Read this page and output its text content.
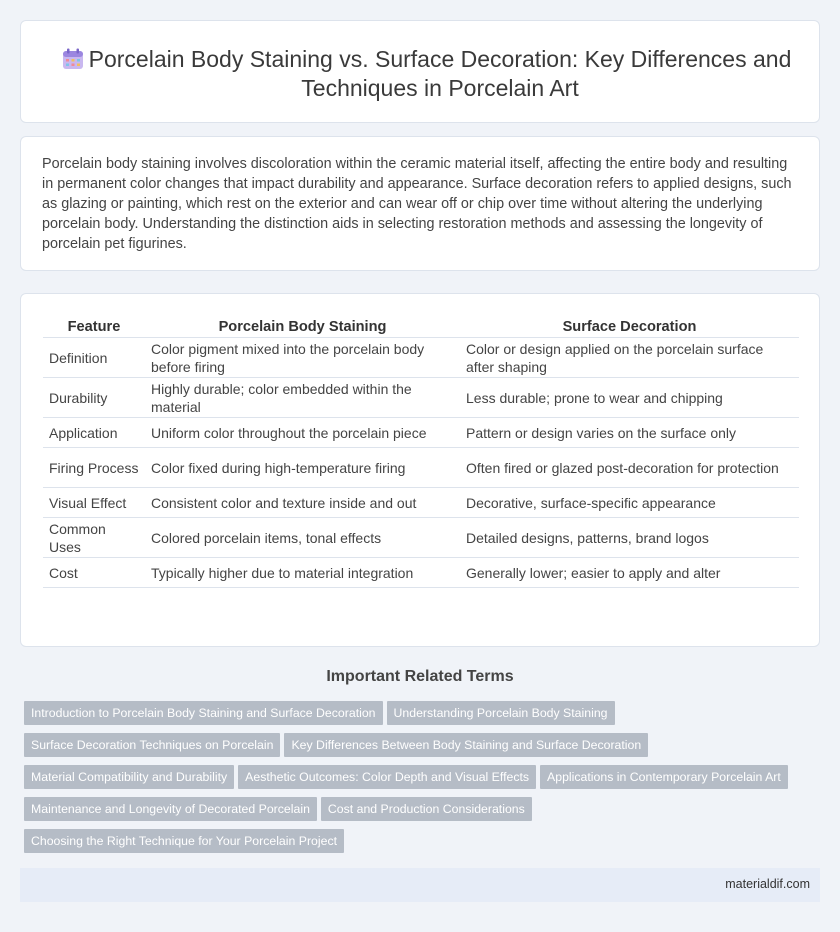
Porcelain Body Staining vs. Surface Decoration: Key Differences and Techniques in Porcelain Art

Porcelain body staining involves discoloration within the ceramic material itself, affecting the entire body and resulting in permanent color changes that impact durability and appearance. Surface decoration refers to applied designs, such as glazing or painting, which rest on the exterior and can wear off or chip over time without altering the underlying porcelain body. Understanding the distinction aids in selecting restoration methods and assessing the longevity of porcelain pet figurines.

Feature	Porcelain Body Staining	Surface Decoration
Definition	Color pigment mixed into the porcelain body before firing	Color or design applied on the porcelain surface after shaping
Durability	Highly durable; color embedded within the material	Less durable; prone to wear and chipping
Application	Uniform color throughout the porcelain piece	Pattern or design varies on the surface only
Firing Process	Color fixed during high-temperature firing	Often fired or glazed post-decoration for protection
Visual Effect	Consistent color and texture inside and out	Decorative, surface-specific appearance
Common Uses	Colored porcelain items, tonal effects	Detailed designs, patterns, brand logos
Cost	Typically higher due to material integration	Generally lower; easier to apply and alter
Important Related Terms
Introduction to Porcelain Body Staining and Surface Decoration Understanding Porcelain Body Staining
Surface Decoration Techniques on Porcelain Key Differences Between Body Staining and Surface Decoration
Material Compatibility and Durability Aesthetic Outcomes: Color Depth and Visual Effects Applications in Contemporary Porcelain Art
Maintenance and Longevity of Decorated Porcelain Cost and Production Considerations
Choosing the Right Technique for Your Porcelain Project
materialdif.com
